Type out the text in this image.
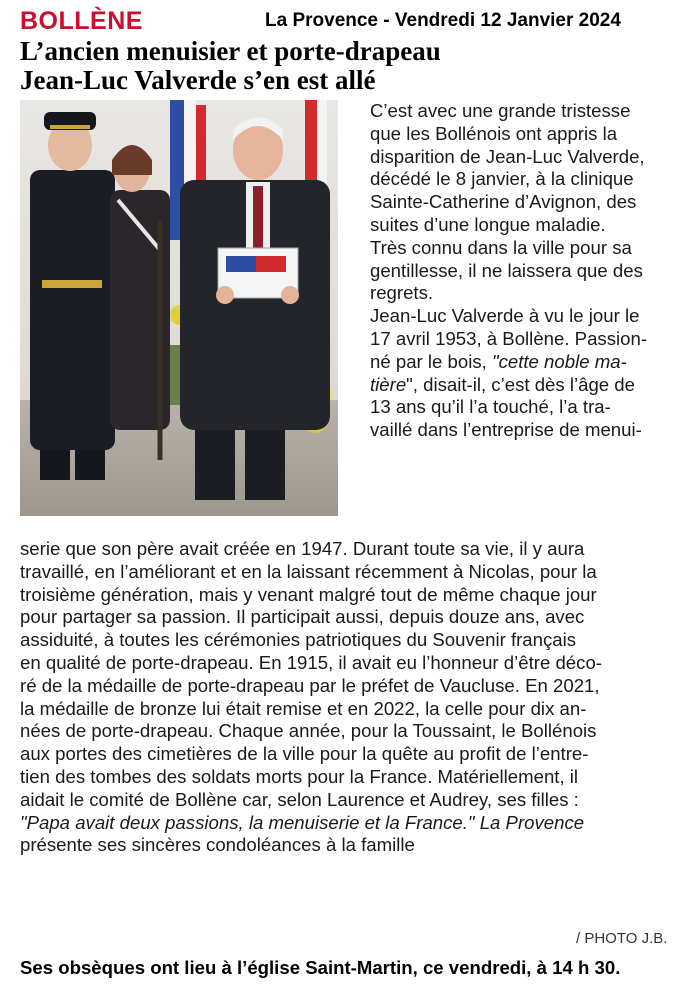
BOLLÈNE	La Provence - Vendredi 12 Janvier 2024
L’ancien menuisier et porte-drapeau
Jean-Luc Valverde s’en est allé
C’est avec une grande tristesse
que les Bollénois ont appris la
disparition de Jean-Luc Valverde,
décédé le 8 janvier, à la clinique
Sainte-Catherine d’Avignon, des
suites d’une longue maladie.
Très connu dans la ville pour sa
gentillesse, il ne laissera que des
regrets.
Jean-Luc Valverde à vu le jour le
17 avril 1953, à Bollène. Passion-
né par le bois, "cette noble ma-
tière", disait-il, c’est dès l’âge de
13 ans qu’il l’a touché, l’a tra-
vaillé dans l’entreprise de menui-
serie que son père avait créée en 1947. Durant toute sa vie, il y aura
travaillé, en l’améliorant et en la laissant récemment à Nicolas, pour la
troisième génération, mais y venant malgré tout de même chaque jour
pour partager sa passion. Il participait aussi, depuis douze ans, avec
assiduité, à toutes les cérémonies patriotiques du Souvenir français
en qualité de porte-drapeau. En 1915, il avait eu l’honneur d’être déco-
ré de la médaille de porte-drapeau par le préfet de Vaucluse. En 2021,
la médaille de bronze lui était remise et en 2022, la celle pour dix an-
nées de porte-drapeau. Chaque année, pour la Toussaint, le Bollénois
aux portes des cimetières de la ville pour la quête au profit de l’entre-
tien des tombes des soldats morts pour la France. Matériellement, il
aidait le comité de Bollène car, selon Laurence et Audrey, ses filles :
"Papa avait deux passions, la menuiserie et la France." La Provence
présente ses sincères condoléances à la famille
/ PHOTO J.B.
Ses obsèques ont lieu à l’église Saint-Martin, ce vendredi, à 14 h 30.
